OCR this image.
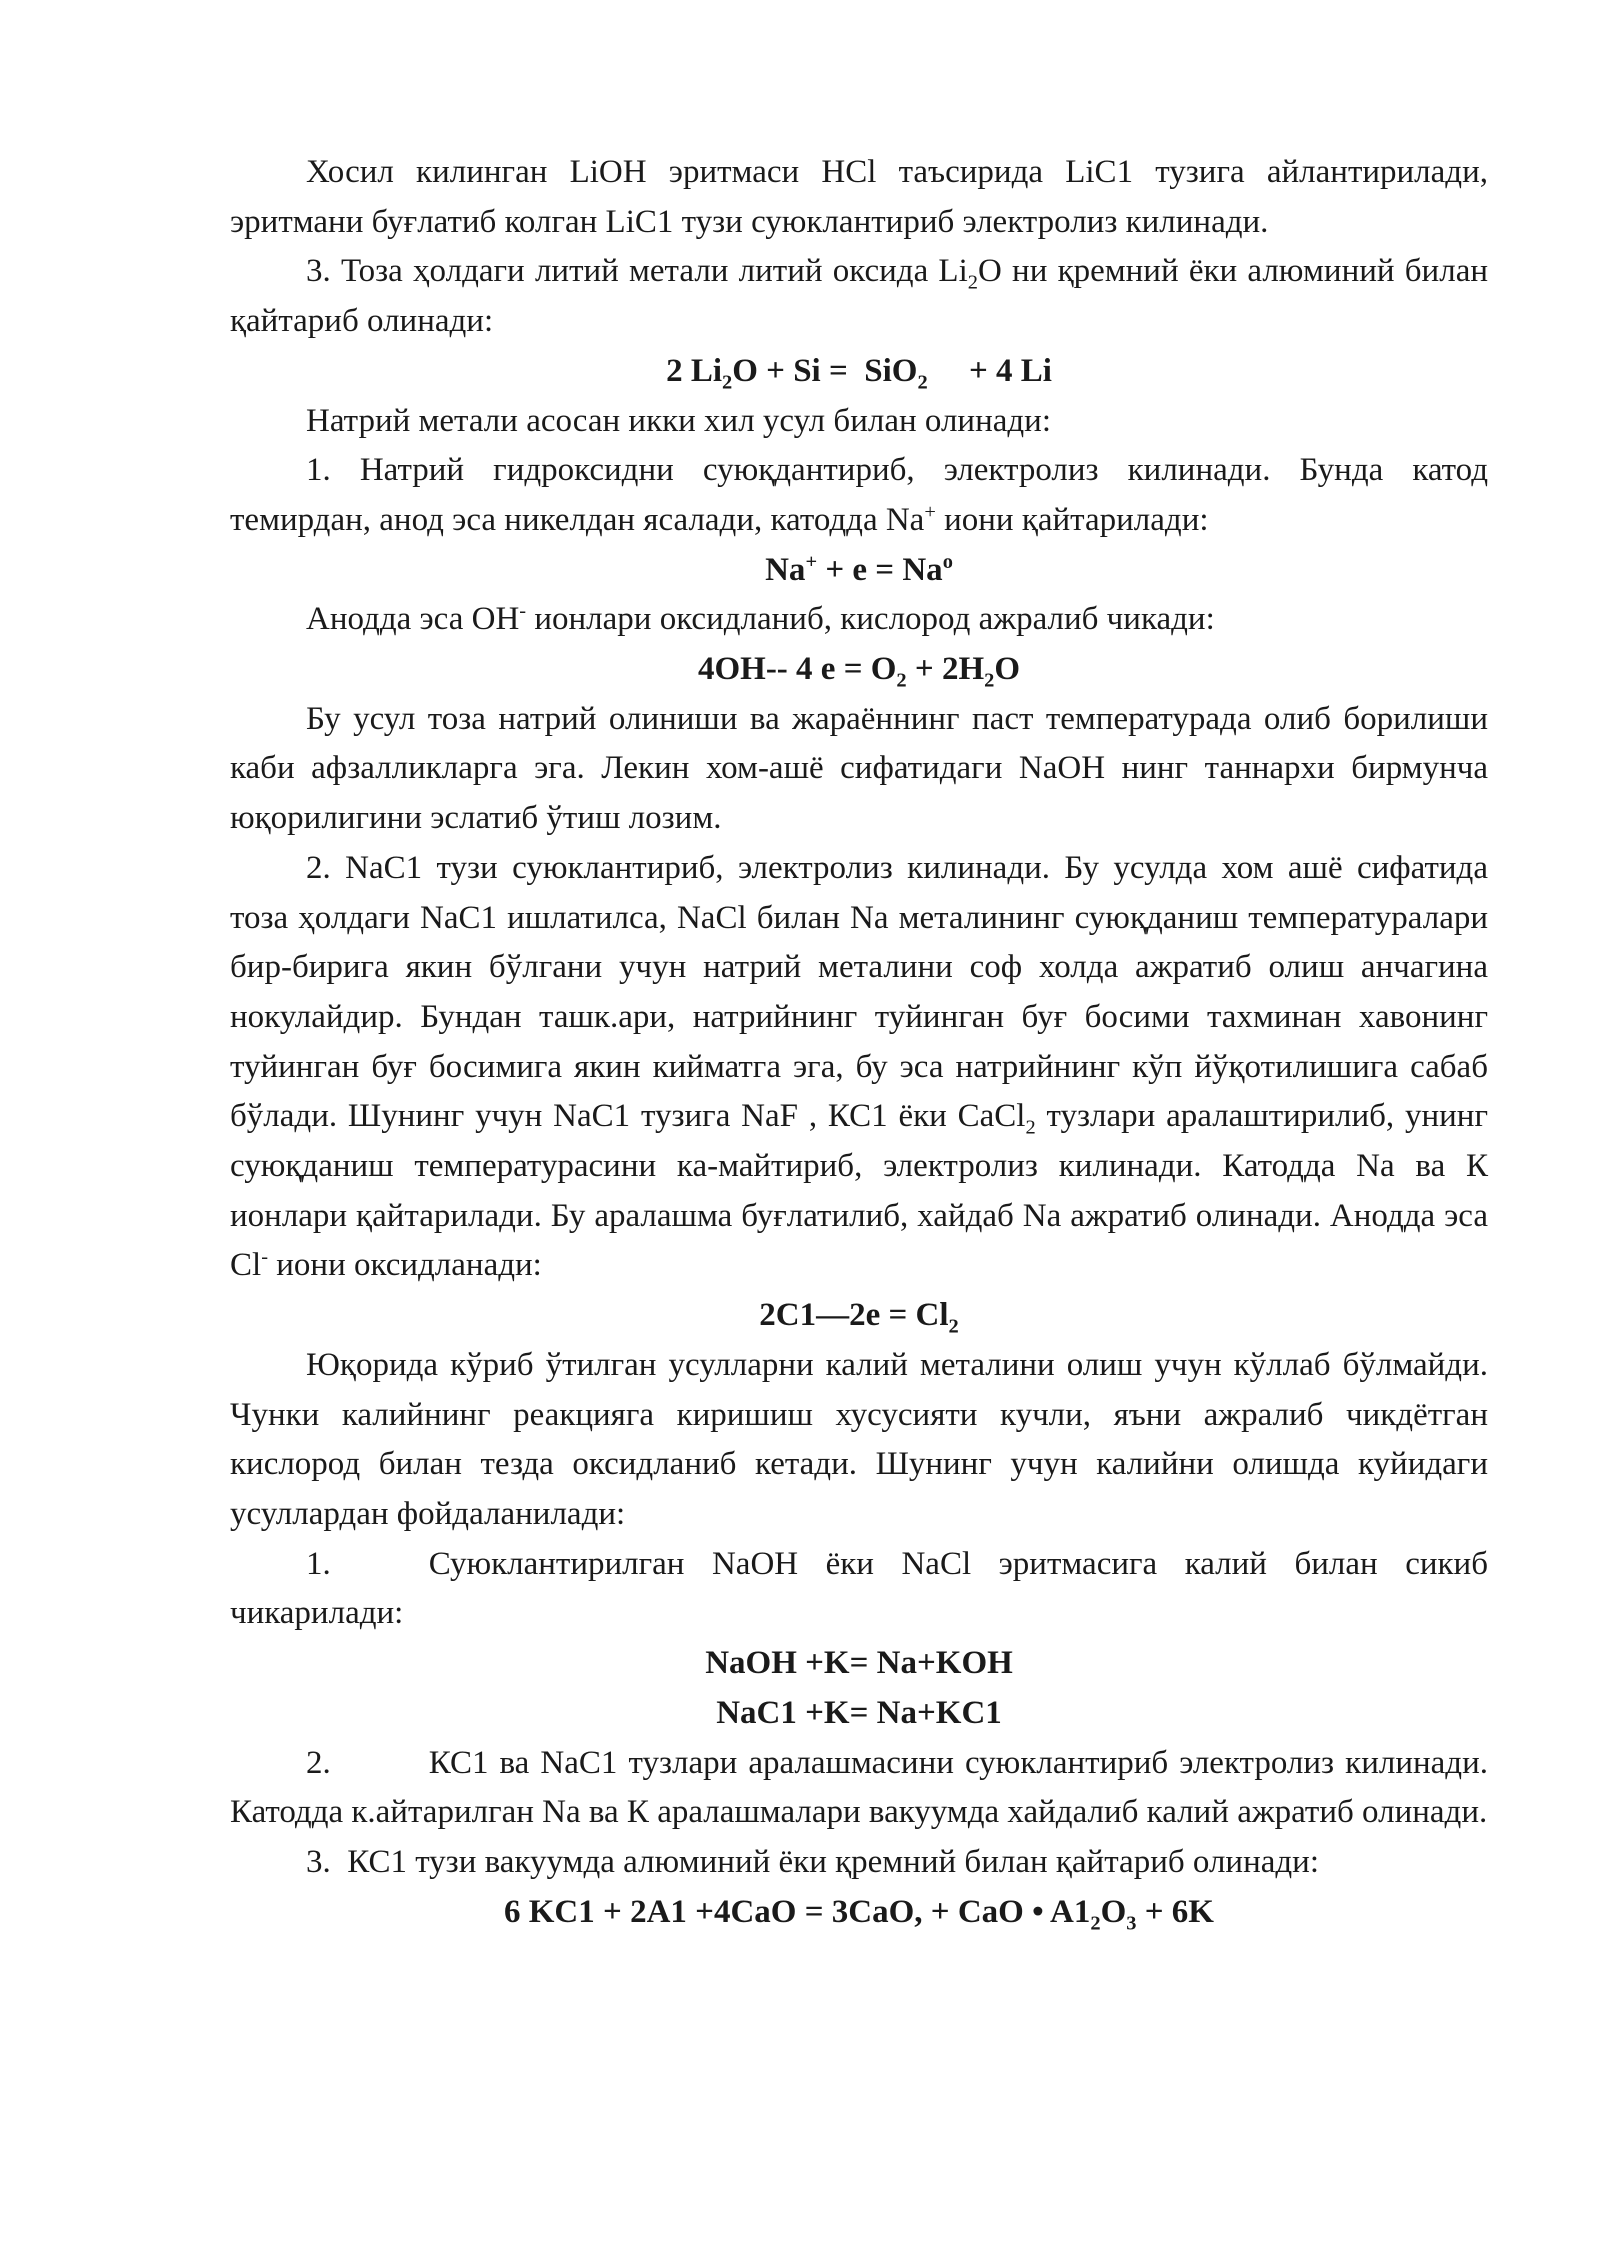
Хосил килинган LiOH эритмаси HCl таъсирида LiC1 тузига айлантирилади, эритмани буғлатиб колган LiC1 тузи суюклантириб электролиз килинади.

3. Тоза ҳолдаги литий метали литий оксида $Li_2O$ ни қремний ёки алюминий билан қайтариб олинади:

2 $Li_2O + Si = SiO_2$     + 4 Li

Натрий метали асосан икки хил усул билан олинади:

1. Натрий гидроксидни суюқдантириб, электролиз килинади. Бунда катод темирдан, анод эса никелдан ясалади, катодда Na+ иони қайтарилади:

$Na^+ + e = Na^o$

Анодда эса ОН- ионлари оксидланиб, кислород ажралиб чикади:

4OH-- 4 $e = O_2 + 2H_2O$

Бу усул тоза натрий олиниши ва жараённинг паст температурада олиб борилиши каби афзалликларга эга. Лекин хом-ашё сифатидаги NaOH нинг таннархи бирмунча юқорилигини эслатиб ўтиш лозим.

2. NaC1 тузи суюклантириб, электролиз килинади. Бу усулда хом ашё сифатида тоза ҳолдаги NaC1 ишлатилса, NaCl билан Na металининг суюқданиш температуралари бир-бирига якин бўлгани учун натрий металини соф холда ажратиб олиш анчагина нокулайдир. Бундан ташк.ари, натрийнинг туйинган буғ босими тахминан хавонинг туйинган буғ босимига якин кийматга эга, бу эса натрийнинг кўп йўқотилишига сабаб бўлади. Шунинг учун NaC1 тузига NaF , КС1 ёки CaCl$_2$ тузлари аралаштирилиб, унинг суюқданиш температурасини ка-майтириб, электролиз килинади. Катодда Na ва К ионлари қайтарилади. Бу аралашма буғлатилиб, хайдаб Na ажратиб олинади. Анодда эса Cl- иони оксидланади:

2C1—2e = $Cl_2$

Юқорида кўриб ўтилган усулларни калий металини олиш учун кўллаб бўлмайди. Чунки калийнинг реакцияга киришиш хусусияти кучли, яъни ажралиб чикдётган кислород билан тезда оксидланиб кетади. Шунинг учун калийни олишда куйидаги усуллардан фойдаланилади:

1.	Суюклантирилган NaOH ёки NaCl эритмасига калий билан сикиб чикарилади:

NaOH +K= Na+KOH

NaC1 +K= Na+KC1

2.	КС1 ва NaC1 тузлари аралашмасини суюклантириб электролиз килинади. Катодда к.айтарилган Na ва К аралашмалари вакуумда хайдалиб калий ажратиб олинади.

3.  КС1 тузи вакуумда алюминий ёки қремний билан қайтариб олинади:

6 KC1 + 2A1 +4CaO = 3CaO, + CaO • $A1_2O_3 + 6K$
